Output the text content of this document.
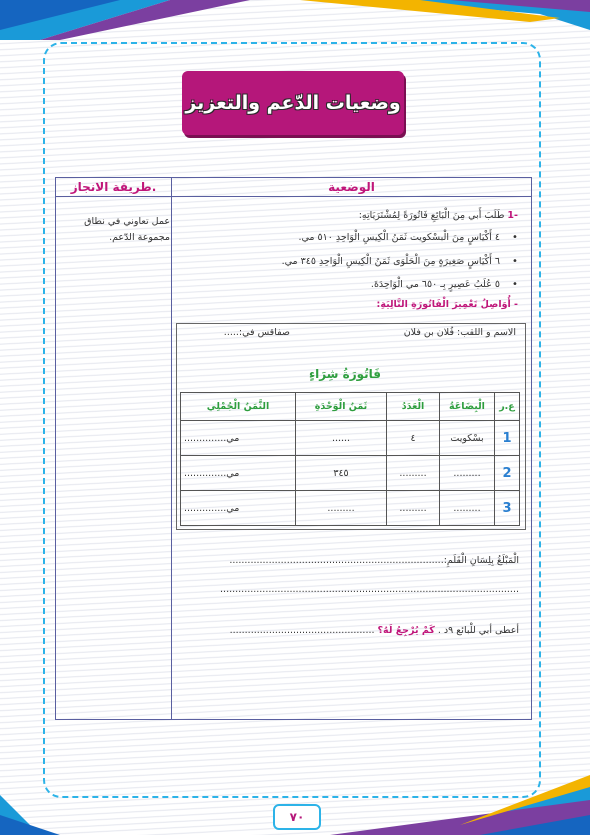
وضعيات الدّعم والتعزيز
طريقة الانجاز.	الوضعية
عمل تعاوني في نطاق مجموعة الدّعم.
-1 طَلَبَ أَبي مِنَ الْبَائِعِ فَاتُورَةً لِمُشْتَرَيَاتِهِ:
•
٤ أَكْيَاسٍ مِنَ الْبسْكويت ثَمَنُ الْكِيسِ الْوَاحِدِ ٥١٠ مي.
•
٦ أَكْيَاسٍ صَغِيرَةٍ مِنَ الْحَلْوَى ثَمَنُ الْكِيسِ الْوَاحِدِ ٣٤٥ مي.
•
٥ عُلَبُ عَصِيرٍ بِـ ٦٥٠ مي الْوَاحِدَةَ.
- أُوَاصِلُ تَعْمِيرَ الْفَاتُورَةِ التَّالِيَةِ:
الاسم و اللقب: فُلان بن فلان
صفاقس في:.....
فَاتُورَةُ شِرَاءٍ
ع.ر	الْبِضَاعَةُ	الْعَدَدُ	ثَمَنُ الْوَحْدَةِ	الثَّمَنُ الْجُمْلِي
1	بسْكويت	٤	......	..............مي
2	.........	.........	٣٤٥	..............مي
3	.........	.........	.........	..............مي
الْمَبْلَغُ بِلِسَانِ الْقَلَمِ:.......................................................................
...................................................................................................
أعطى أبي للْبائع ٩د . كَمْ يُرْجِعُ لَهُ؟ ................................................
٧٠
